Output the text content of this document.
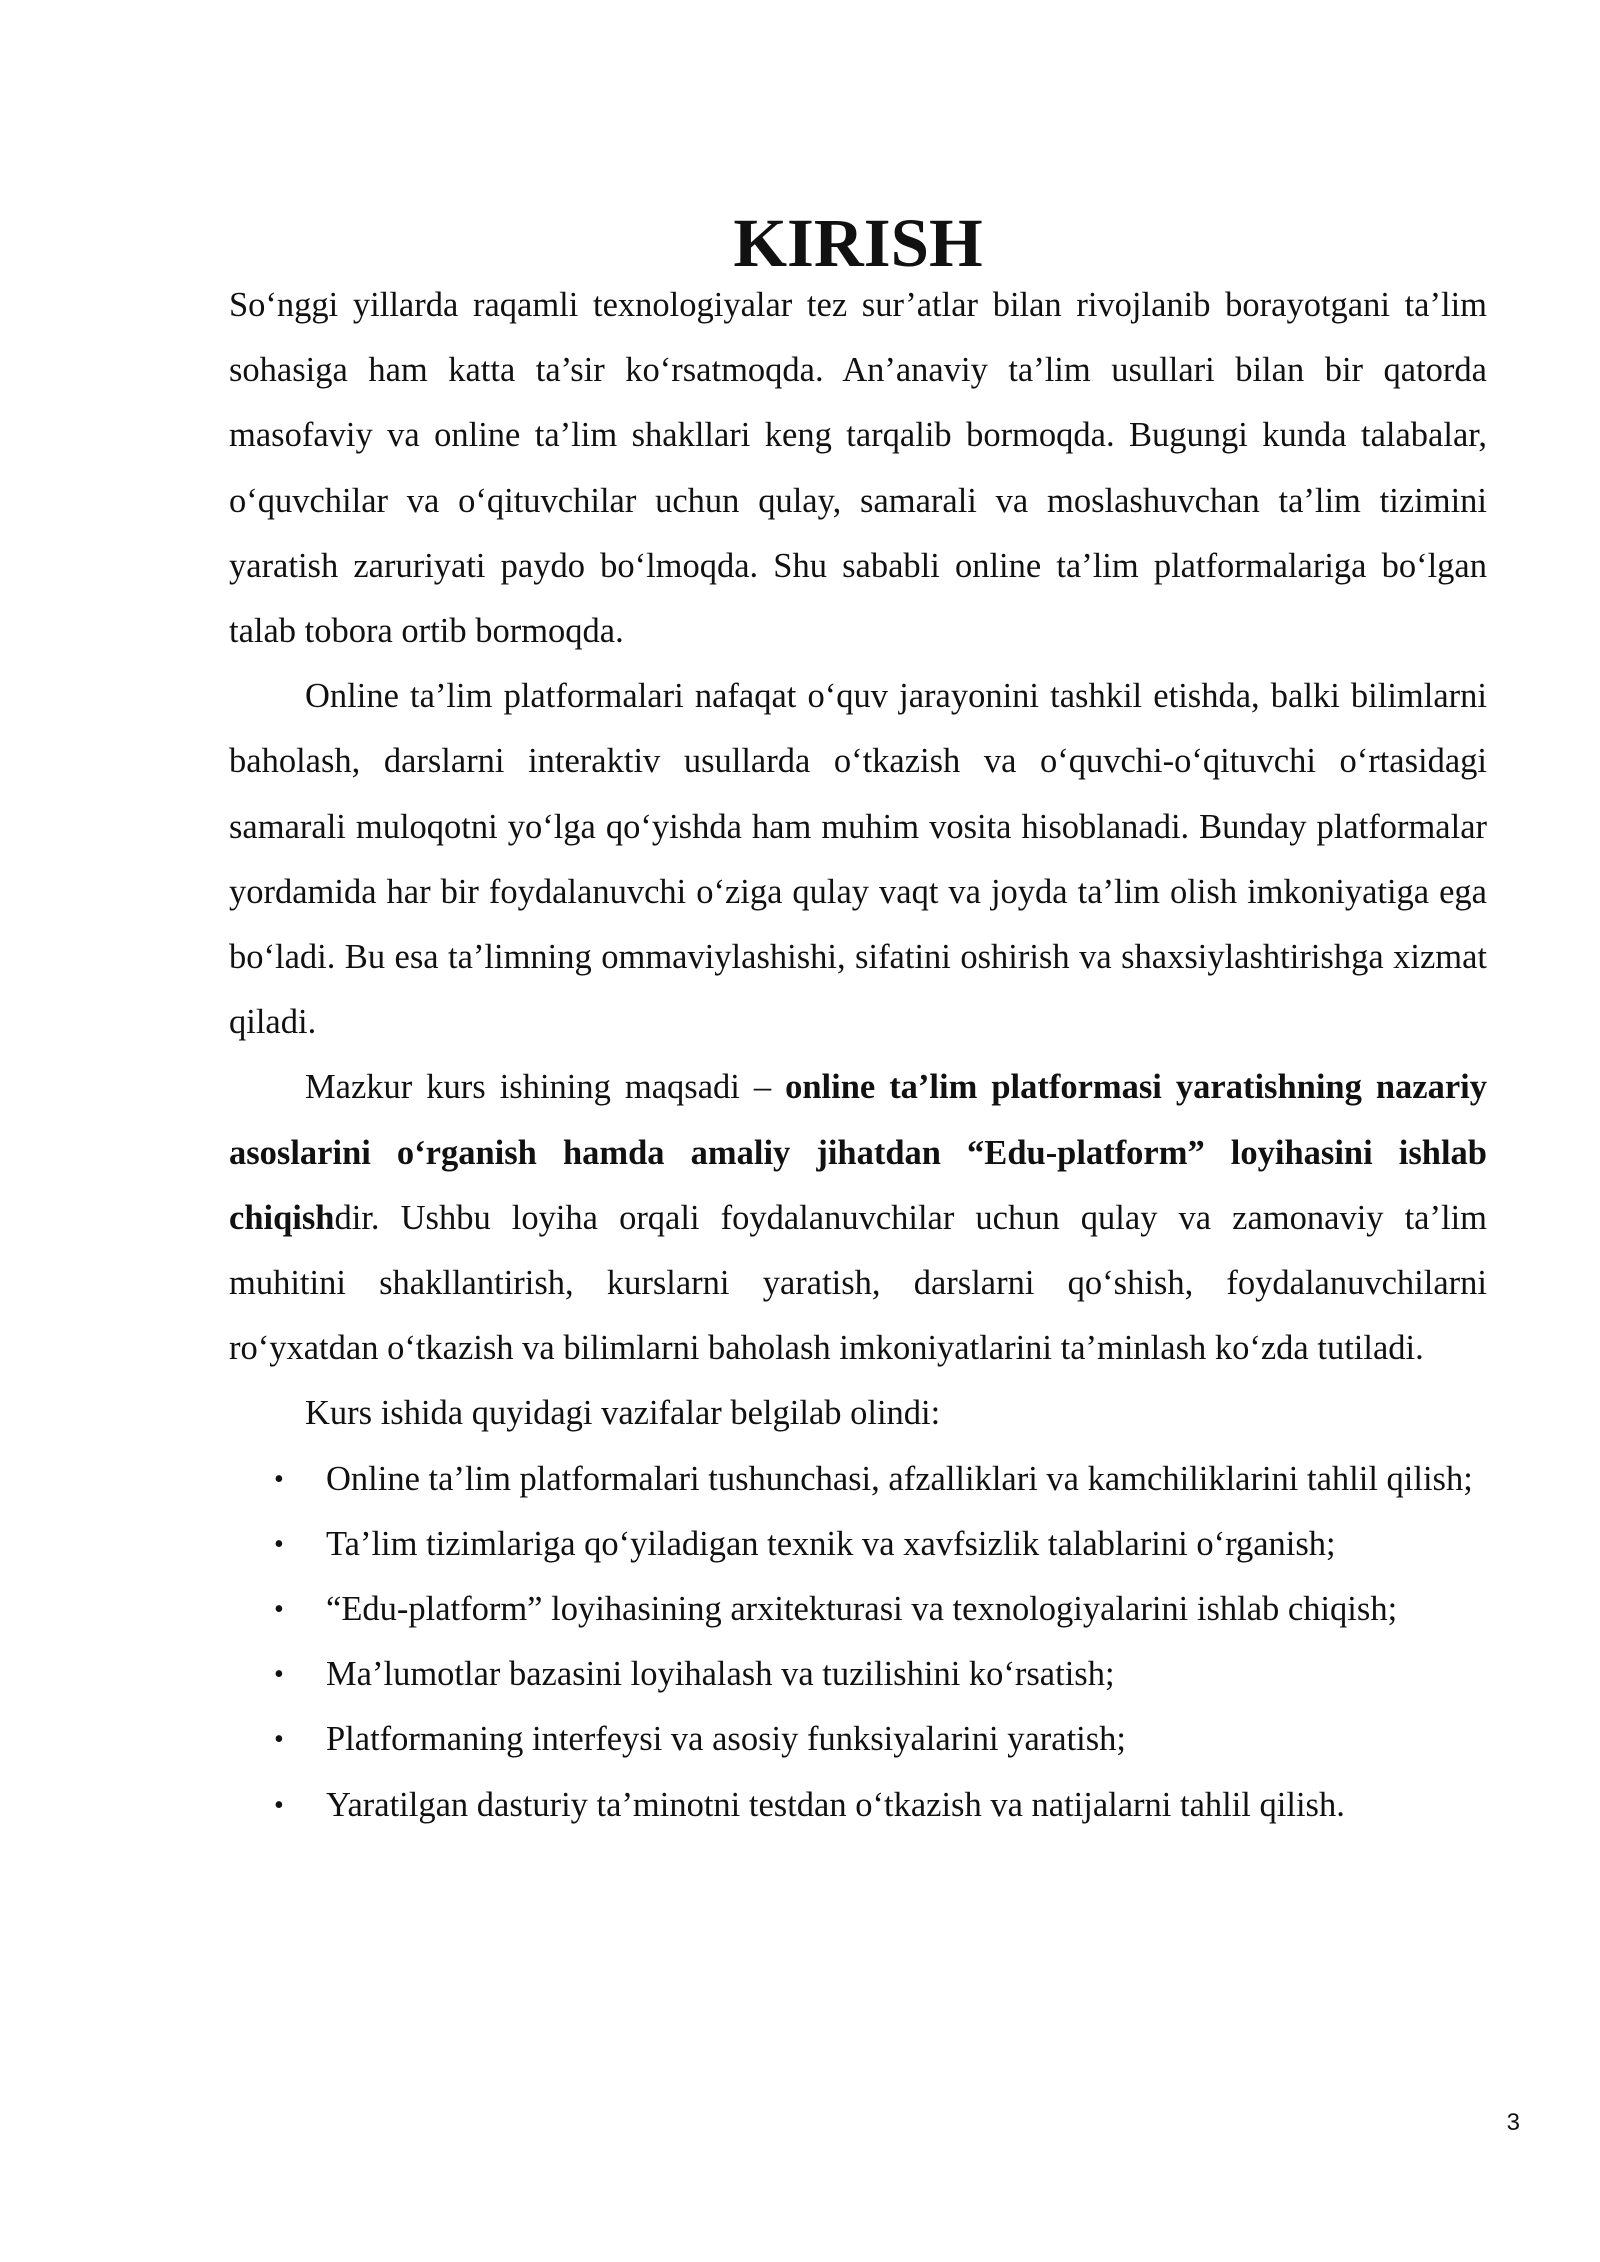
KIRISH

So‘nggi yillarda raqamli texnologiyalar tez sur’atlar bilan rivojlanib borayotgani ta’lim sohasiga ham katta ta’sir ko‘rsatmoqda. An’anaviy ta’lim usullari bilan bir qatorda masofaviy va online ta’lim shakllari keng tarqalib bormoqda. Bugungi kunda talabalar, o‘quvchilar va o‘qituvchilar uchun qulay, samarali va moslashuvchan ta’lim tizimini yaratish zaruriyati paydo bo‘lmoqda. Shu sababli online ta’lim platformalariga bo‘lgan talab tobora ortib bormoqda.

Online ta’lim platformalari nafaqat o‘quv jarayonini tashkil etishda, balki bilimlarni baholash, darslarni interaktiv usullarda o‘tkazish va o‘quvchi-o‘qituvchi o‘rtasidagi samarali muloqotni yo‘lga qo‘yishda ham muhim vosita hisoblanadi. Bunday platformalar yordamida har bir foydalanuvchi o‘ziga qulay vaqt va joyda ta’lim olish imkoniyatiga ega bo‘ladi. Bu esa ta’limning ommaviylashishi, sifatini oshirish va shaxsiylashtirishga xizmat qiladi.

Mazkur kurs ishining maqsadi – online ta’lim platformasi yaratishning nazariy asoslarini o‘rganish hamda amaliy jihatdan “Edu-platform” loyihasini ishlab chiqishdir. Ushbu loyiha orqali foydalanuvchilar uchun qulay va zamonaviy ta’lim muhitini shakllantirish, kurslarni yaratish, darslarni qo‘shish, foydalanuvchilarni ro‘yxatdan o‘tkazish va bilimlarni baholash imkoniyatlarini ta’minlash ko‘zda tutiladi.

Kurs ishida quyidagi vazifalar belgilab olindi:

• Online ta’lim platformalari tushunchasi, afzalliklari va kamchiliklarini tahlil qilish;
• Ta’lim tizimlariga qo‘yiladigan texnik va xavfsizlik talablarini o‘rganish;
• “Edu-platform” loyihasining arxitekturasi va texnologiyalarini ishlab chiqish;
• Ma’lumotlar bazasini loyihalash va tuzilishini ko‘rsatish;
• Platformaning interfeysi va asosiy funksiyalarini yaratish;
• Yaratilgan dasturiy ta’minotni testdan o‘tkazish va natijalarni tahlil qilish.
3
